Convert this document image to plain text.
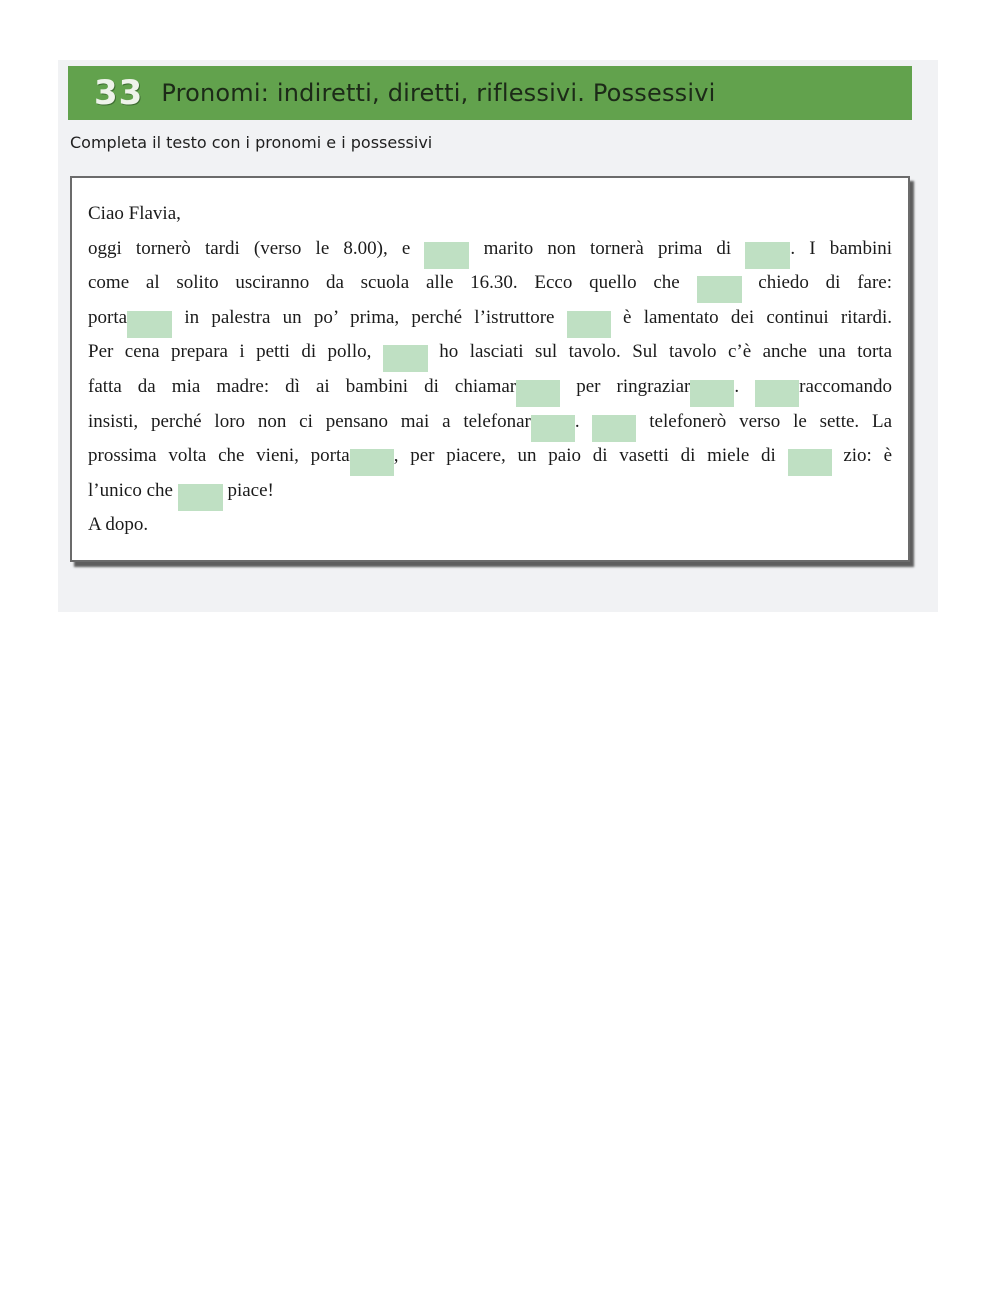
33 Pronomi: indiretti, diretti, riflessivi. Possessivi
Completa il testo con i pronomi e i possessivi
Ciao Flavia,
oggi tornerò tardi (verso le 8.00), e	marito non tornerà prima di	. I bambini
come al solito usciranno da scuola alle 16.30. Ecco quello che	chiedo di fare:
porta	in palestra un po’ prima, perché l’istruttore	è lamentato dei continui ritardi.
Per cena prepara i petti di pollo,	ho lasciati sul tavolo. Sul tavolo c’è anche una torta
fatta da mia madre: dì ai bambini di chiamar	per ringraziar .	raccomando
insisti, perché loro non ci pensano mai a telefonar .	telefonerò verso le sette. La
prossima volta che vieni, porta , per piacere, un paio di vasetti di miele di	zio: è
l’unico che	piace!
A dopo.
